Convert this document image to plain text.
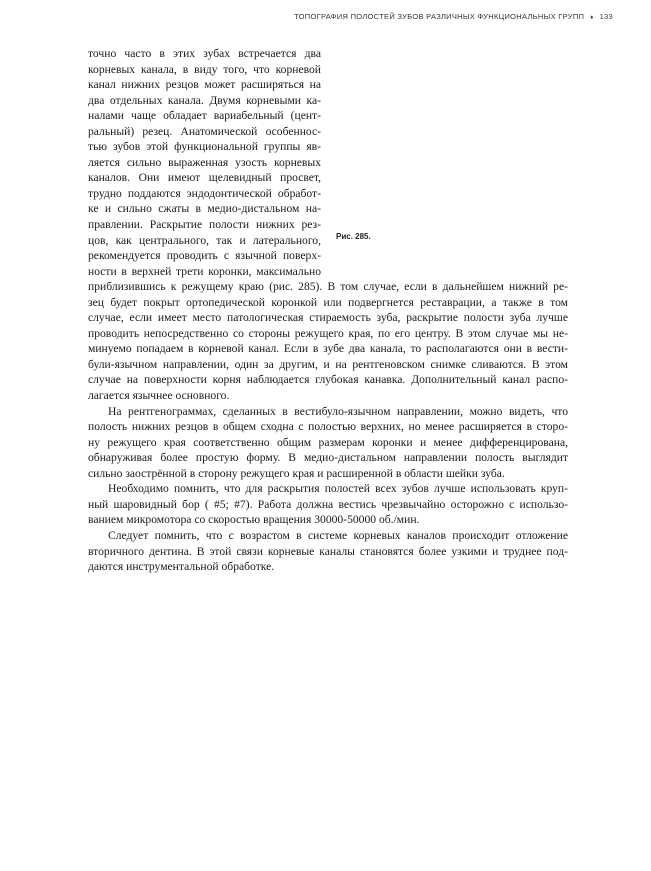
ТОПОГРАФИЯ ПОЛОСТЕЙ ЗУБОВ РАЗЛИЧНЫХ ФУНКЦИОНАЛЬНЫХ ГРУПП ♦ 133
Рис. 285.
точно часто в этих зубах встречается два
корневых канала, в виду того, что корневой
канал нижних резцов может расширяться на
два отдельных канала. Двумя корневыми ка-
налами чаще обладает вариабельный (цент-
ральный) резец. Анатомической особеннос-
тью зубов этой функциональной группы яв-
ляется сильно выраженная узость корневых
каналов. Они имеют щелевидный просвет,
трудно поддаются эндодонтической обработ-
ке и сильно сжаты в медио-дистальном на-
правлении. Раскрытие полости нижних рез-
цов, как центрального, так и латерального,
рекомендуется проводить с язычной поверх-
ности в верхней трети коронки, максимально
приблизившись к режущему краю (рис. 285). В том случае, если в дальнейшем нижний ре-
зец будет покрыт ортопедической коронкой или подвергнется реставрации, а также в том
случае, если имеет место патологическая стираемость зуба, раскрытие полости зуба лучше
проводить непосредственно со стороны режущего края, по его центру. В этом случае мы не-
минуемо попадаем в корневой канал. Если в зубе два канала, то располагаются они в вести-
були-язычном направлении, один за другим, и на рентгеновском снимке сливаются. В этом
случае на поверхности корня наблюдается глубокая канавка. Дополнительный канал распо-
лагается язычнее основного.
На рентгенограммах, сделанных в вестибуло-язычном направлении, можно видеть, что
полость нижних резцов в общем сходна с полостью верхних, но менее расширяется в сторо-
ну режущего края соответственно общим размерам коронки и менее дифференцирована,
обнаруживая более простую форму. В медио-дистальном направлении полость выглядит
сильно заострённой в сторону режущего края и расширенной в области шейки зуба.
Необходимо помнить, что для раскрытия полостей всех зубов лучше использовать круп-
ный шаровидный бор ( #5; #7). Работа должна вестись чрезвычайно осторожно с использо-
ванием микромотора со скоростью вращения 30000-50000 об./мин.
Следует помнить, что с возрастом в системе корневых каналов происходит отложение
вторичного дентина. В этой связи корневые каналы становятся более узкими и труднее под-
даются инструментальной обработке.
